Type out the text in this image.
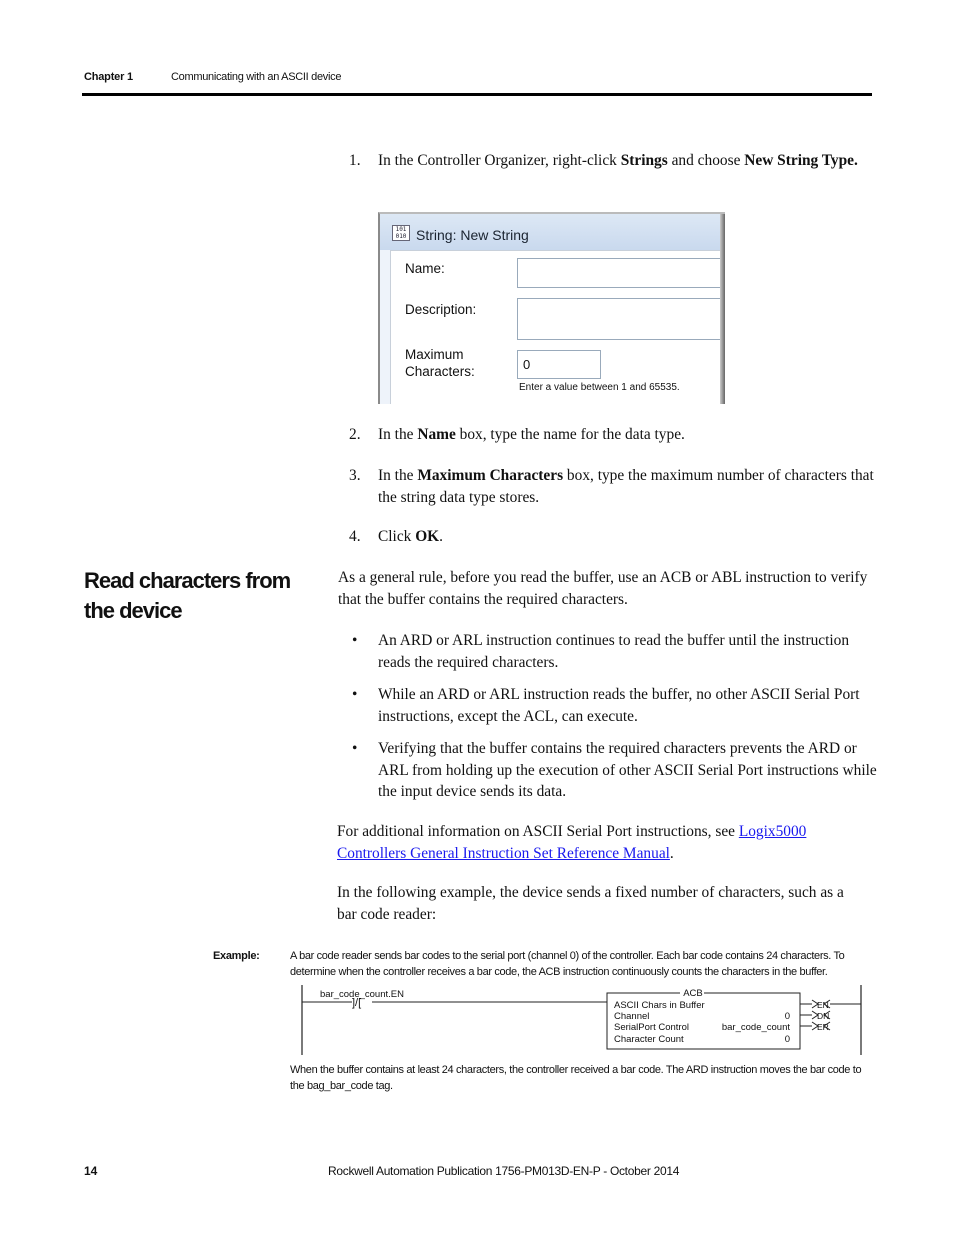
Chapter 1	Communicating with an ASCII device
1. In the Controller Organizer, right-click Strings and choose New String Type.
101 010 String: New String
Name:
Description:
Maximum
Characters:	0
Enter a value between 1 and 65535.
2. In the Name box, type the name for the data type.
3. In the Maximum Characters box, type the maximum number of characters that the string data type stores.
4. Click OK.
Read characters from the device
As a general rule, before you read the buffer, use an ACB or ABL instruction to verify that the buffer contains the required characters.
• An ARD or ARL instruction continues to read the buffer until the instruction reads the required characters.
• While an ARD or ARL instruction reads the buffer, no other ASCII Serial Port instructions, except the ACL, can execute.
• Verifying that the buffer contains the required characters prevents the ARD or ARL from holding up the execution of other ASCII Serial Port instructions while the input device sends its data.
For additional information on ASCII Serial Port instructions, see Logix5000 Controllers General Instruction Set Reference Manual.
In the following example, the device sends a fixed number of characters, such as a bar code reader:
Example:	A bar code reader sends bar codes to the serial port (channel 0) of the controller. Each bar code contains 24 characters. To determine when the controller receives a bar code, the ACB instruction continuously counts the characters in the buffer.
bar_code_count.EN
]/[
ACB
ASCII Chars in Buffer
Channel	0
SerialPort Control	bar_code_count
Character Count	0
EN
DN
ER
When the buffer contains at least 24 characters, the controller received a bar code. The ARD instruction moves the bar code to the bag_bar_code tag.
14	Rockwell Automation Publication 1756-PM013D-EN-P - October 2014
